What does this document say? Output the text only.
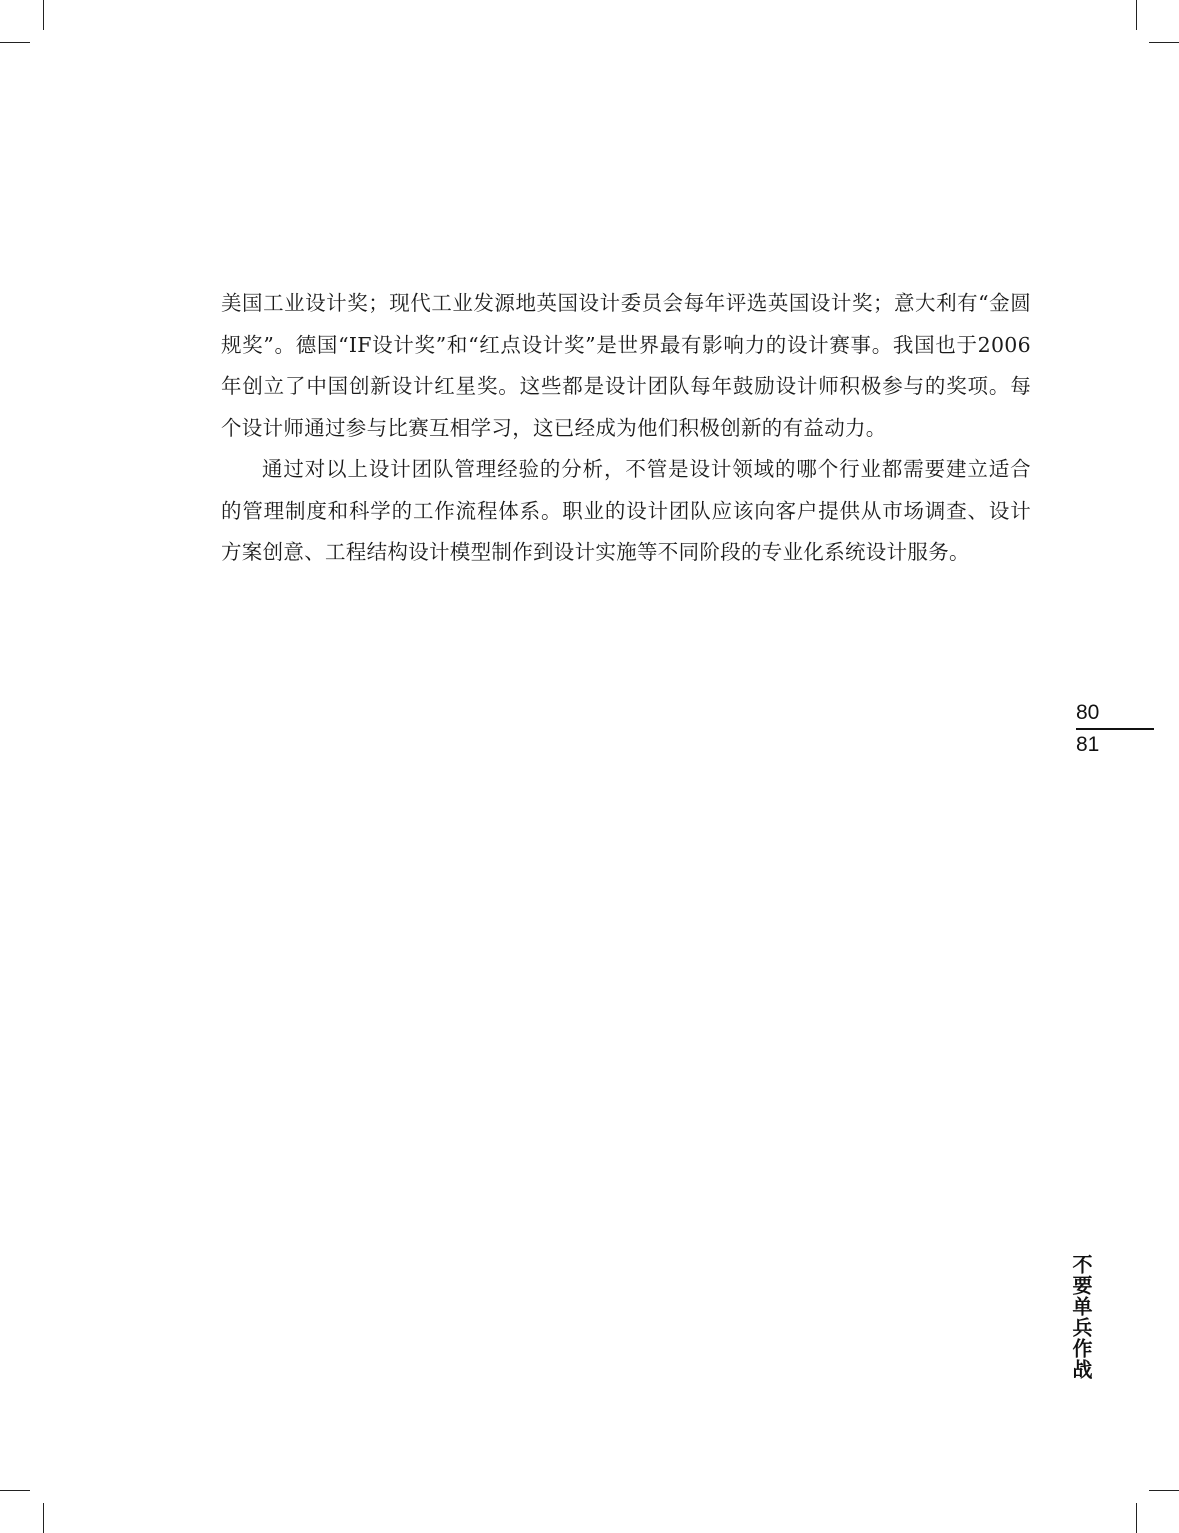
美国工业设计奖；现代工业发源地英国设计委员会每年评选英国设计奖；意大利有“金圆规奖”。德国“IF设计奖”和“红点设计奖”是世界最有影响力的设计赛事。我国也于2006年创立了中国创新设计红星奖。这些都是设计团队每年鼓励设计师积极参与的奖项。每个设计师通过参与比赛互相学习，这已经成为他们积极创新的有益动力。

通过对以上设计团队管理经验的分析，不管是设计领域的哪个行业都需要建立适合的管理制度和科学的工作流程体系。职业的设计团队应该向客户提供从市场调查、设计方案创意、工程结构设计模型制作到设计实施等不同阶段的专业化系统设计服务。

80
81
不要单兵作战
